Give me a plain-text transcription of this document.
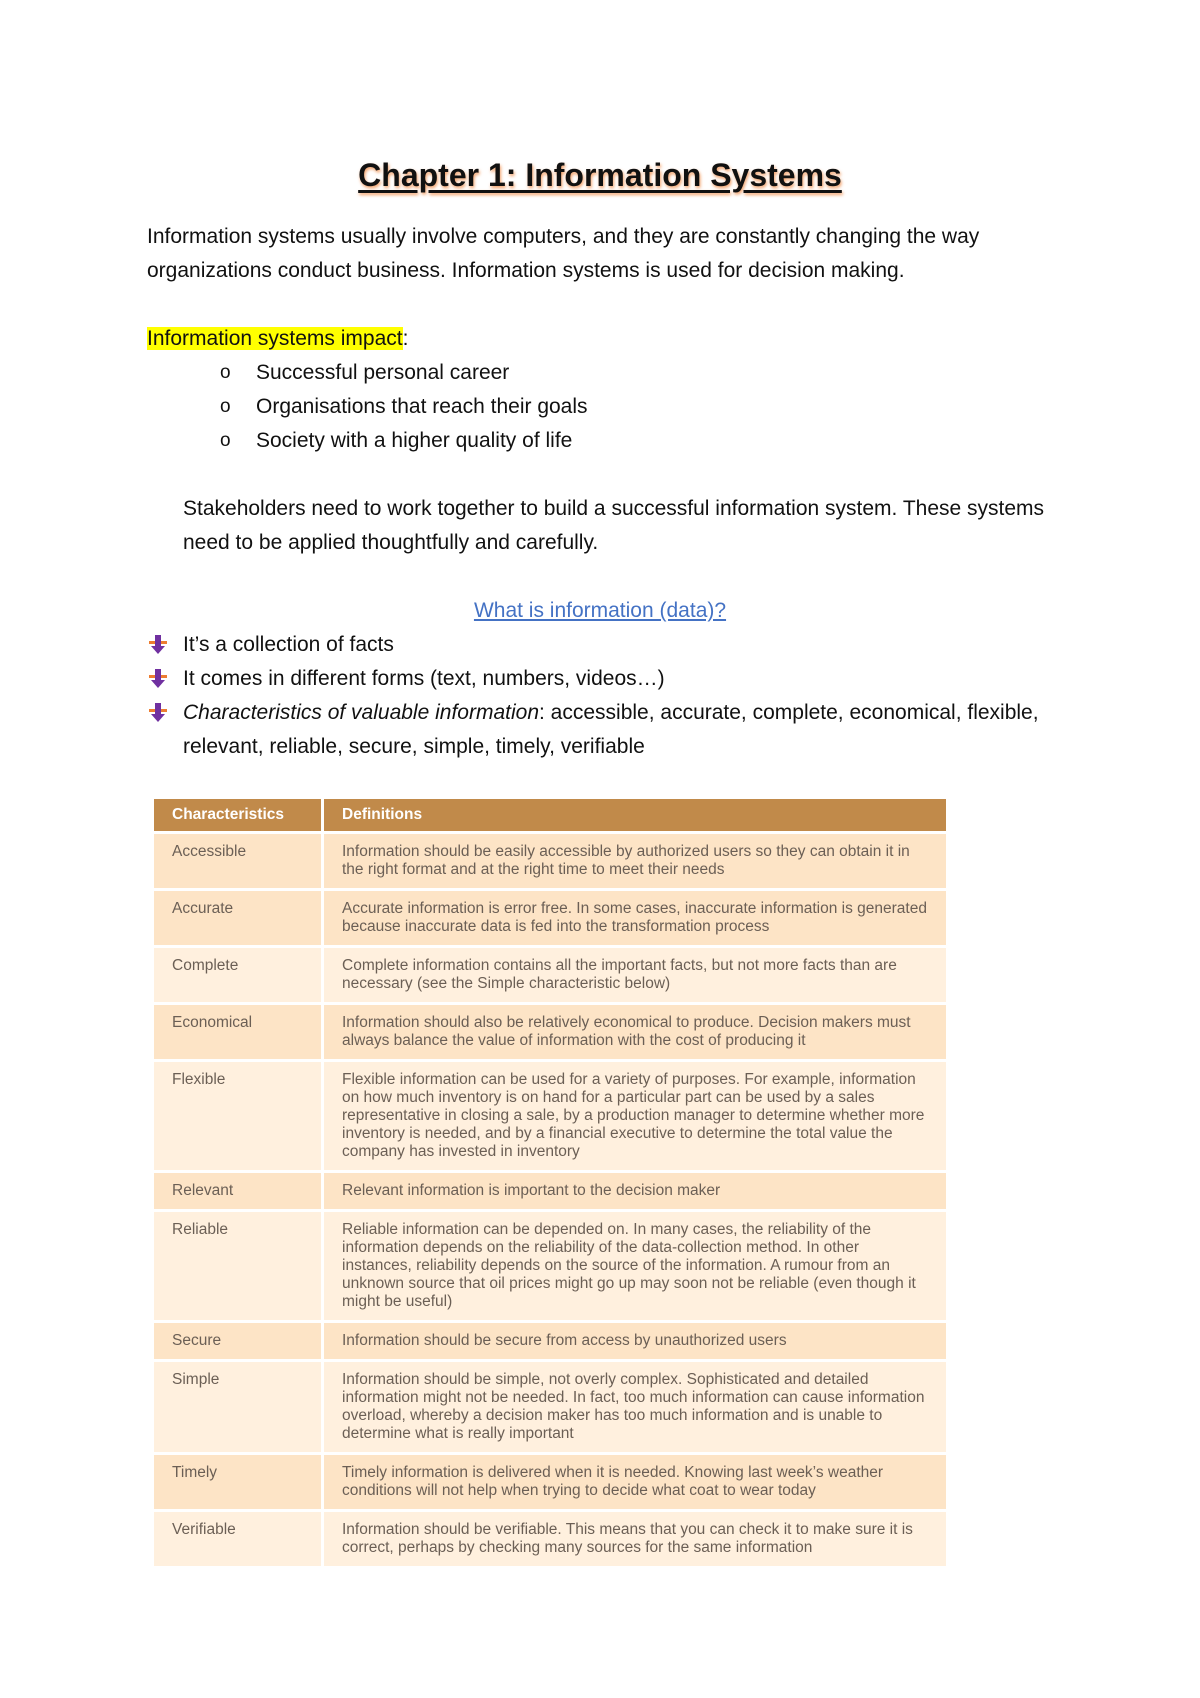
Chapter 1: Information Systems
Information systems usually involve computers, and they are constantly changing the way organizations conduct business. Information systems is used for decision making.
Information systems impact:
o Successful personal career
o Organisations that reach their goals
o Society with a higher quality of life
Stakeholders need to work together to build a successful information system. These systems need to be applied thoughtfully and carefully.
What is information (data)?
It’s a collection of facts
It comes in different forms (text, numbers, videos…)
Characteristics of valuable information: accessible, accurate, complete, economical, flexible, relevant, reliable, secure, simple, timely, verifiable
Characteristics	Definitions
Accessible	Information should be easily accessible by authorized users so they can obtain it in the right format and at the right time to meet their needs
Accurate	Accurate information is error free. In some cases, inaccurate information is generated because inaccurate data is fed into the transformation process
Complete	Complete information contains all the important facts, but not more facts than are necessary (see the Simple characteristic below)
Economical	Information should also be relatively economical to produce. Decision makers must always balance the value of information with the cost of producing it
Flexible	Flexible information can be used for a variety of purposes. For example, information on how much inventory is on hand for a particular part can be used by a sales representative in closing a sale, by a production manager to determine whether more inventory is needed, and by a financial executive to determine the total value the company has invested in inventory
Relevant	Relevant information is important to the decision maker
Reliable	Reliable information can be depended on. In many cases, the reliability of the information depends on the reliability of the data-collection method. In other instances, reliability depends on the source of the information. A rumour from an unknown source that oil prices might go up may soon not be reliable (even though it might be useful)
Secure	Information should be secure from access by unauthorized users
Simple	Information should be simple, not overly complex. Sophisticated and detailed information might not be needed. In fact, too much information can cause information overload, whereby a decision maker has too much information and is unable to determine what is really important
Timely	Timely information is delivered when it is needed. Knowing last week’s weather conditions will not help when trying to decide what coat to wear today
Verifiable	Information should be verifiable. This means that you can check it to make sure it is correct, perhaps by checking many sources for the same information
